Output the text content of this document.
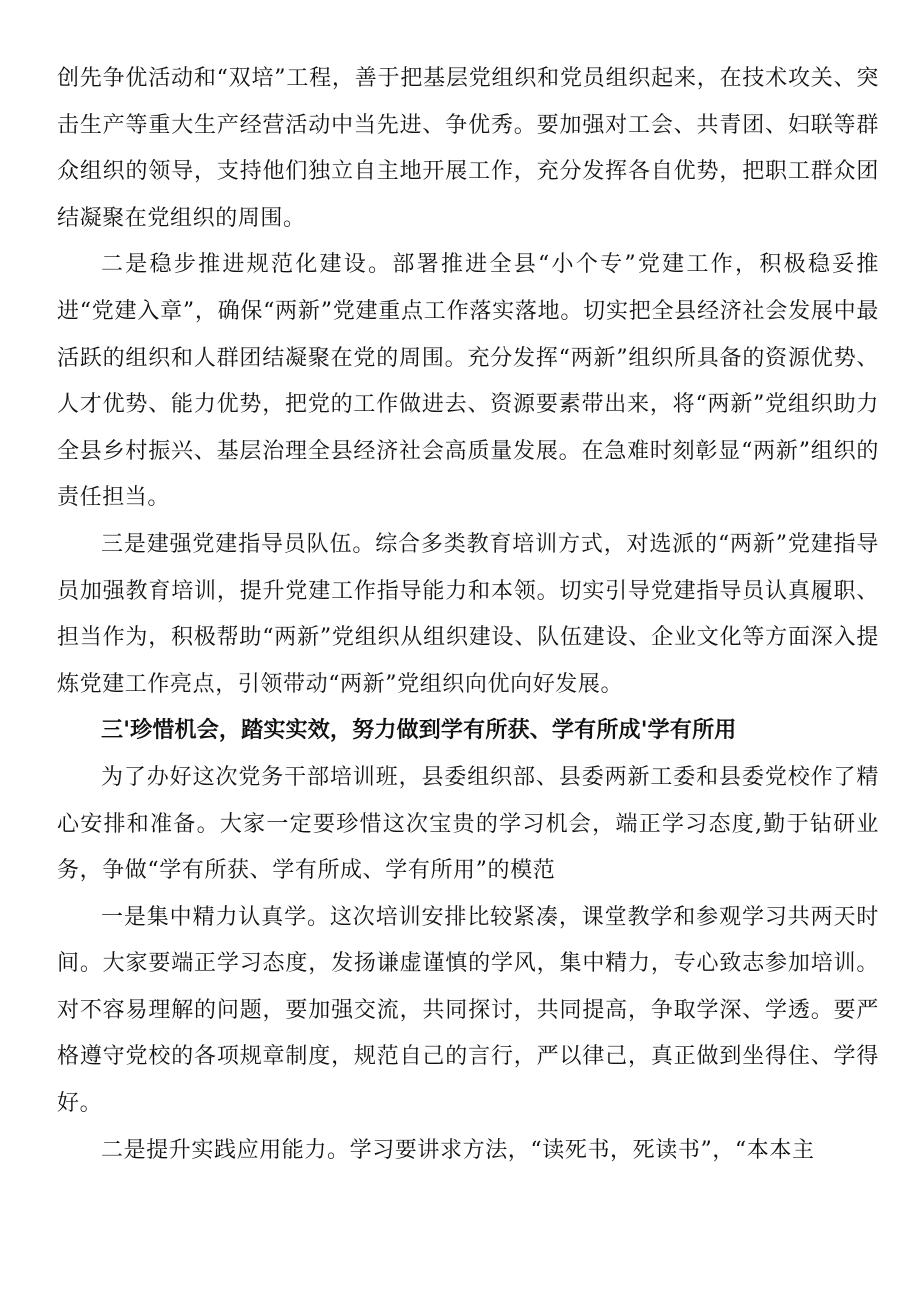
创先争优活动和“双培”工程，善于把基层党组织和党员组织起来，在技术攻关、突击生产等重大生产经营活动中当先进、争优秀。要加强对工会、共青团、妇联等群众组织的领导，支持他们独立自主地开展工作，充分发挥各自优势，把职工群众团结凝聚在党组织的周围。

二是稳步推进规范化建设。部署推进全县“小个专”党建工作，积极稳妥推进“党建入章”，确保“两新”党建重点工作落实落地。切实把全县经济社会发展中最活跃的组织和人群团结凝聚在党的周围。充分发挥“两新”组织所具备的资源优势、人才优势、能力优势，把党的工作做进去、资源要素带出来，将“两新”党组织助力全县乡村振兴、基层治理全县经济社会高质量发展。在急难时刻彰显“两新”组织的责任担当。

三是建强党建指导员队伍。综合多类教育培训方式，对选派的“两新”党建指导员加强教育培训，提升党建工作指导能力和本领。切实引导党建指导员认真履职、担当作为，积极帮助“两新”党组织从组织建设、队伍建设、企业文化等方面深入提炼党建工作亮点，引领带动“两新”党组织向优向好发展。

三'珍惜机会，踏实实效，努力做到学有所获、学有所成'学有所用

为了办好这次党务干部培训班，县委组织部、县委两新工委和县委党校作了精心安排和准备。大家一定要珍惜这次宝贵的学习机会，端正学习态度,勤于钻研业务，争做“学有所获、学有所成、学有所用”的模范

一是集中精力认真学。这次培训安排比较紧凑，课堂教学和参观学习共两天时间。大家要端正学习态度，发扬谦虚谨慎的学风，集中精力，专心致志参加培训。对不容易理解的问题，要加强交流，共同探讨，共同提高，争取学深、学透。要严格遵守党校的各项规章制度，规范自己的言行，严以律己，真正做到坐得住、学得好。

二是提升实践应用能力。学习要讲求方法，“读死书，死读书”，“本本主
